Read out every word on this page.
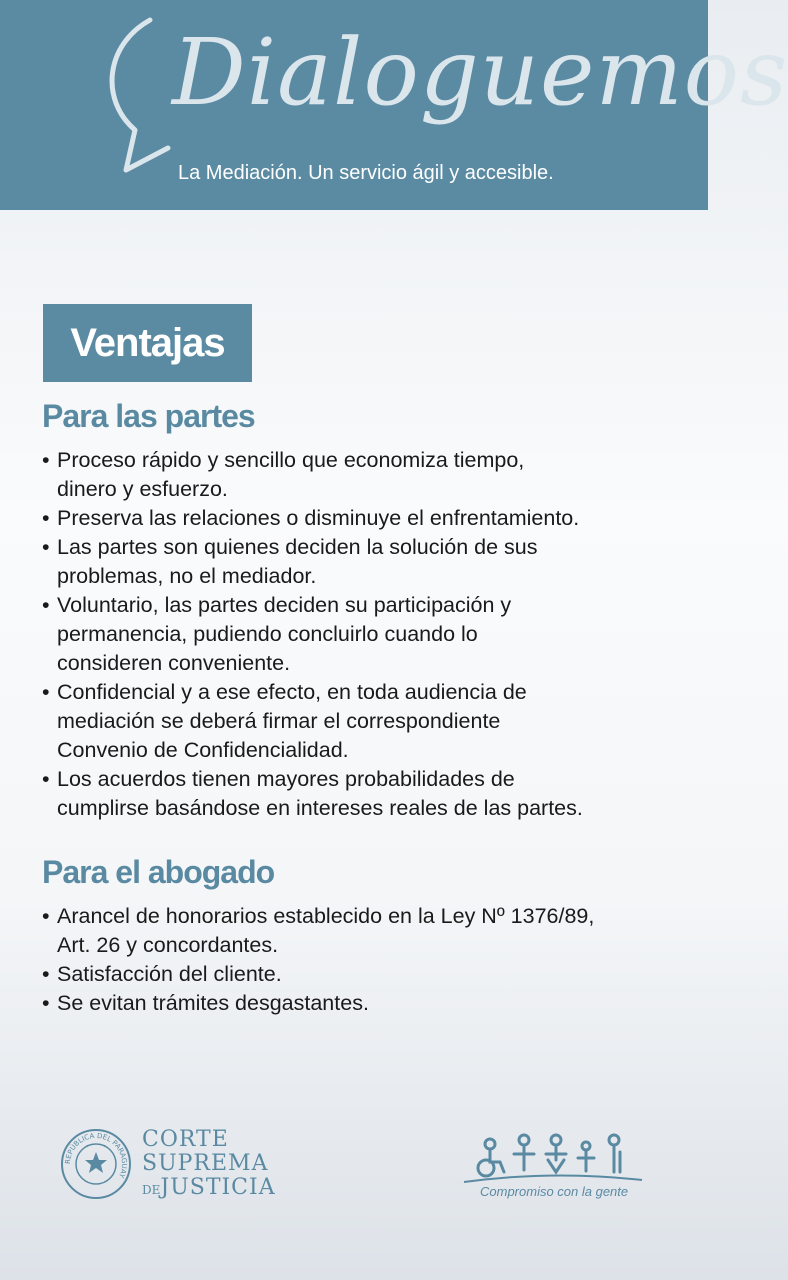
Dialoguemos

La Mediación. Un servicio ágil y accesible.

Ventajas
Para las partes
• Proceso rápido y sencillo que economiza tiempo,
dinero y esfuerzo.
• Preserva las relaciones o disminuye el enfrentamiento.
• Las partes son quienes deciden la solución de sus
problemas, no el mediador.
• Voluntario, las partes deciden su participación y
permanencia, pudiendo concluirlo cuando lo
consideren conveniente.
• Confidencial y a ese efecto, en toda audiencia de
mediación se deberá firmar el correspondiente
Convenio de Confidencialidad.
• Los acuerdos tienen mayores probabilidades de
cumplirse basándose en intereses reales de las partes.
Para el abogado
• Arancel de honorarios establecido en la Ley Nº 1376/89,
Art. 26 y concordantes.
• Satisfacción del cliente.
• Se evitan trámites desgastantes.
REPÚBLICA DEL PARAGUAY
CORTE
SUPREMA
DEJUSTICIA	Compromiso con la gente
